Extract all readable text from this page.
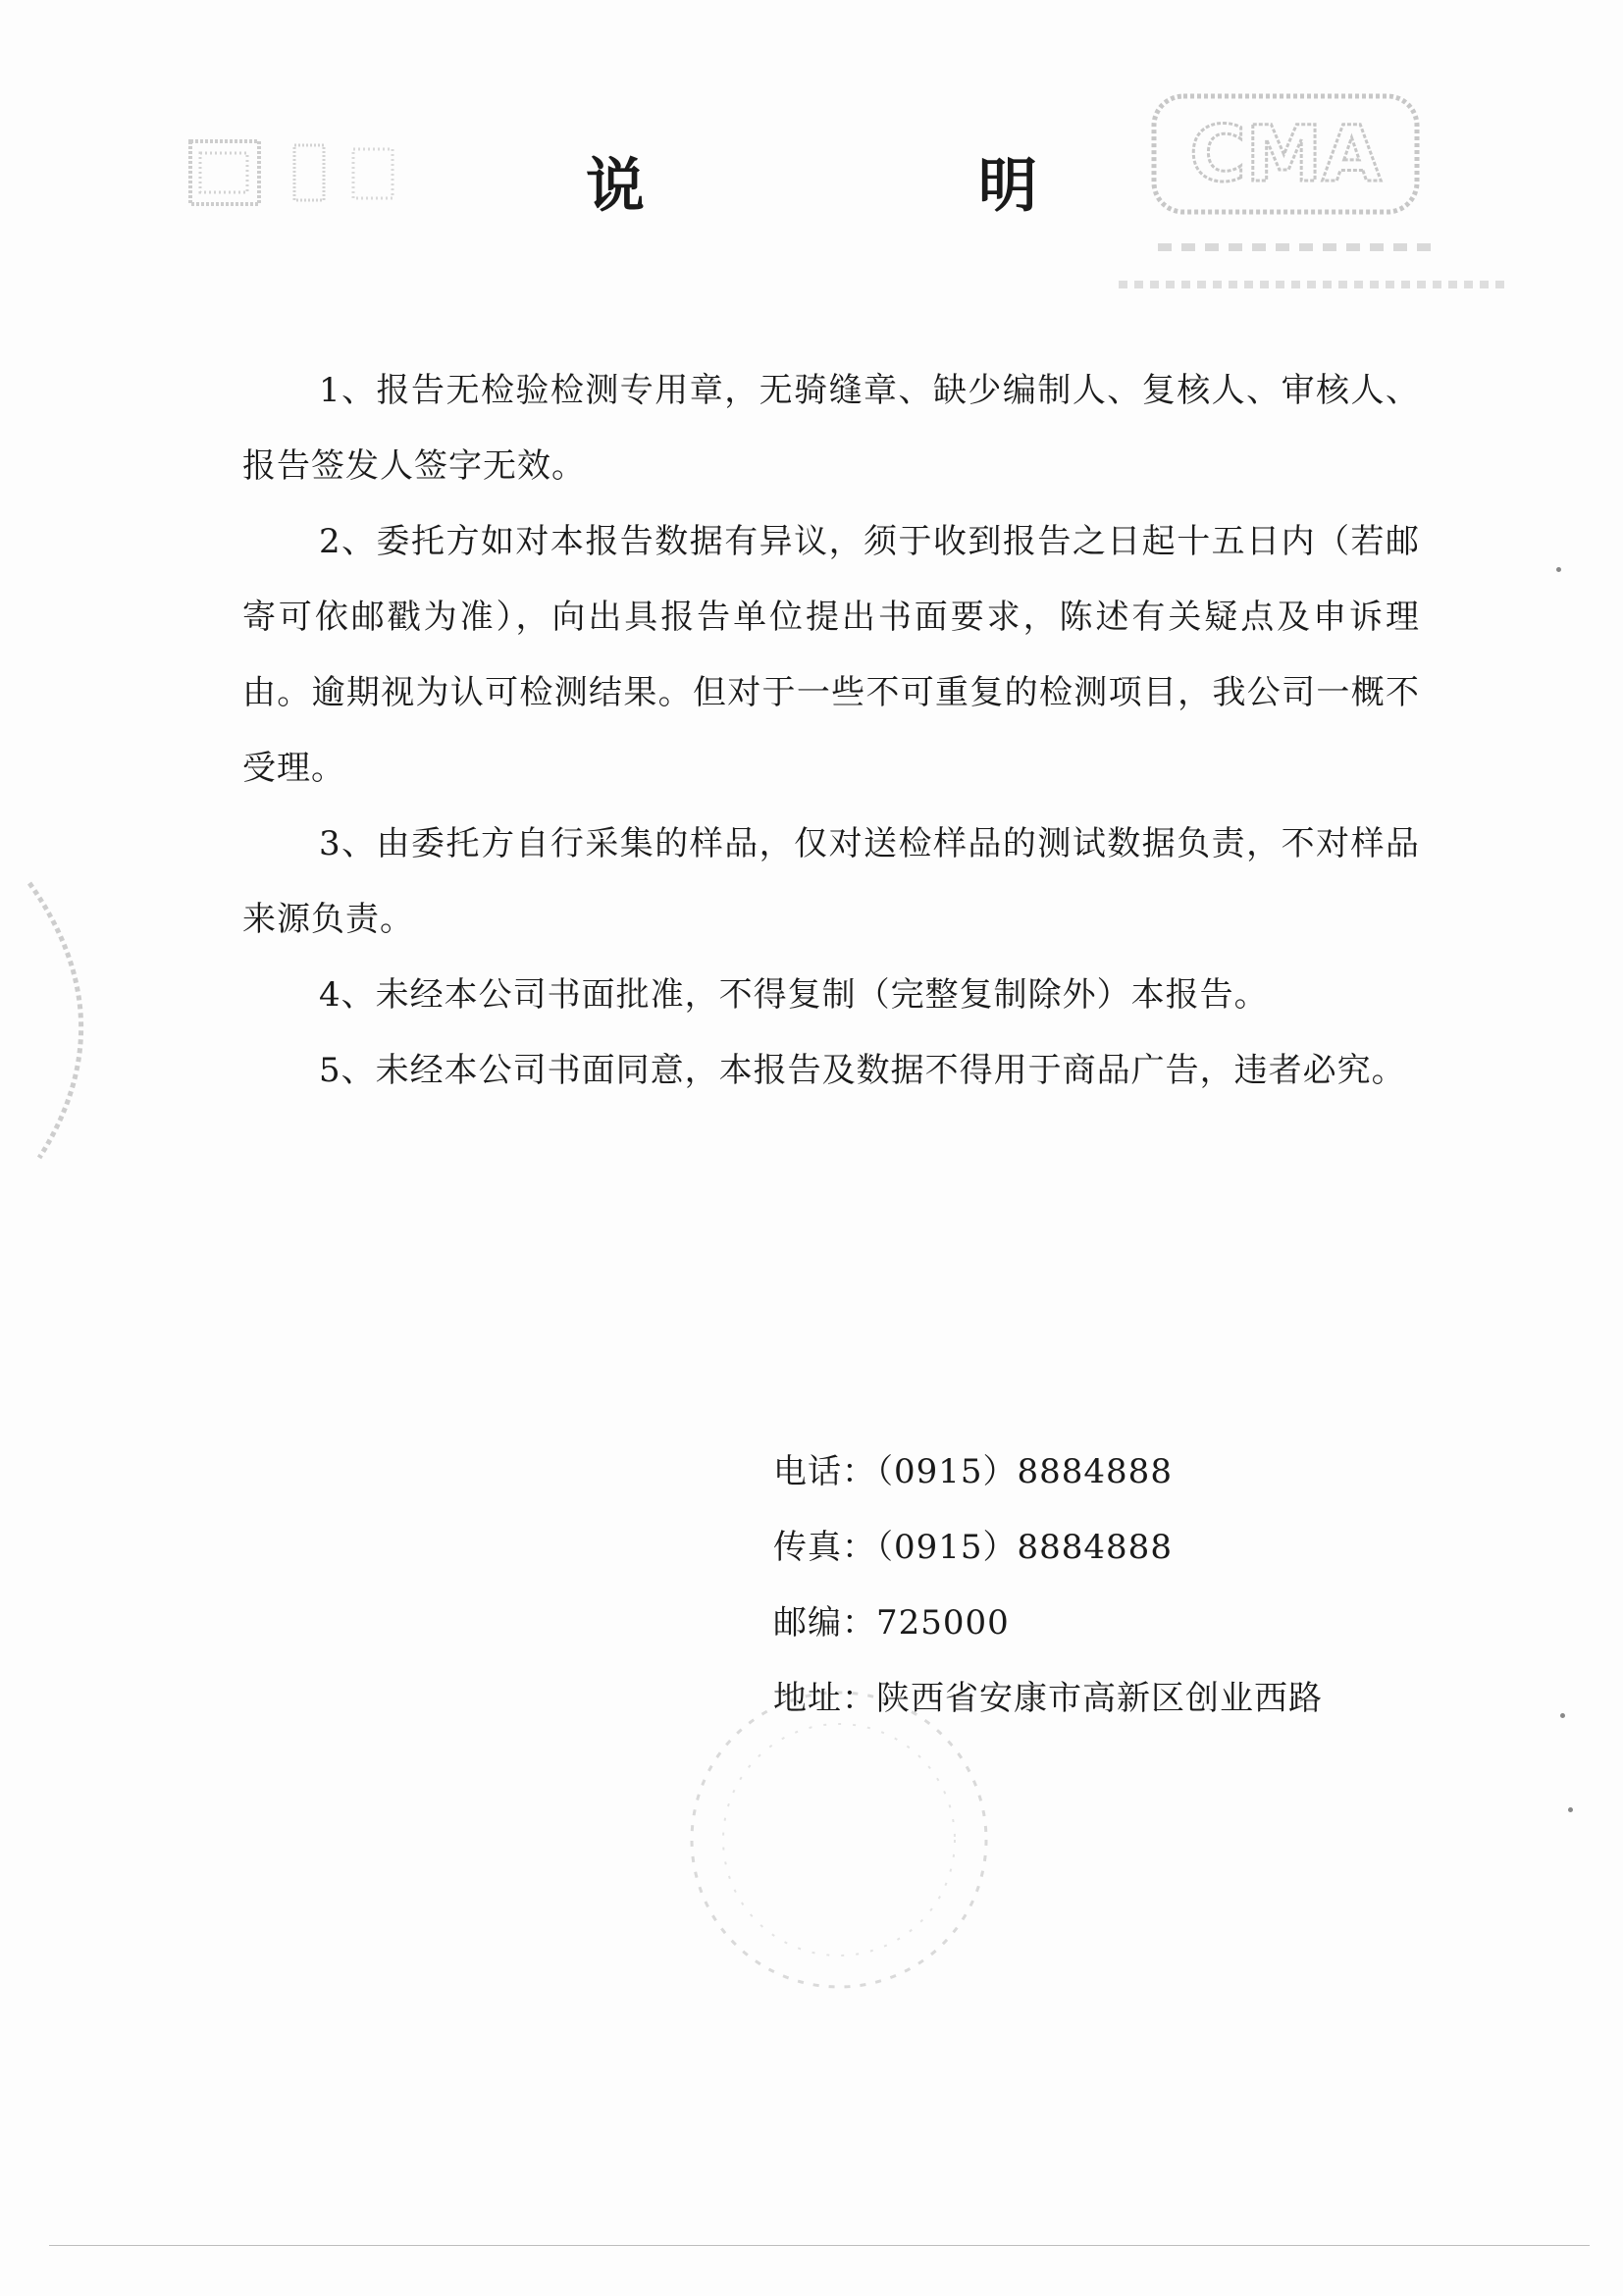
CMA
说　明

1、报告无检验检测专用章，无骑缝章、缺少编制人、复核人、审核人、报告签发人签字无效。

2、委托方如对本报告数据有异议，须于收到报告之日起十五日内（若邮寄可依邮戳为准），向出具报告单位提出书面要求，陈述有关疑点及申诉理由。逾期视为认可检测结果。但对于一些不可重复的检测项目，我公司一概不受理。

3、由委托方自行采集的样品，仅对送检样品的测试数据负责，不对样品来源负责。

4、未经本公司书面批准，不得复制（完整复制除外）本报告。

5、未经本公司书面同意，本报告及数据不得用于商品广告，违者必究。

电话：（0915）8884888
传真：（0915）8884888
邮编：725000
地址：陕西省安康市高新区创业西路
